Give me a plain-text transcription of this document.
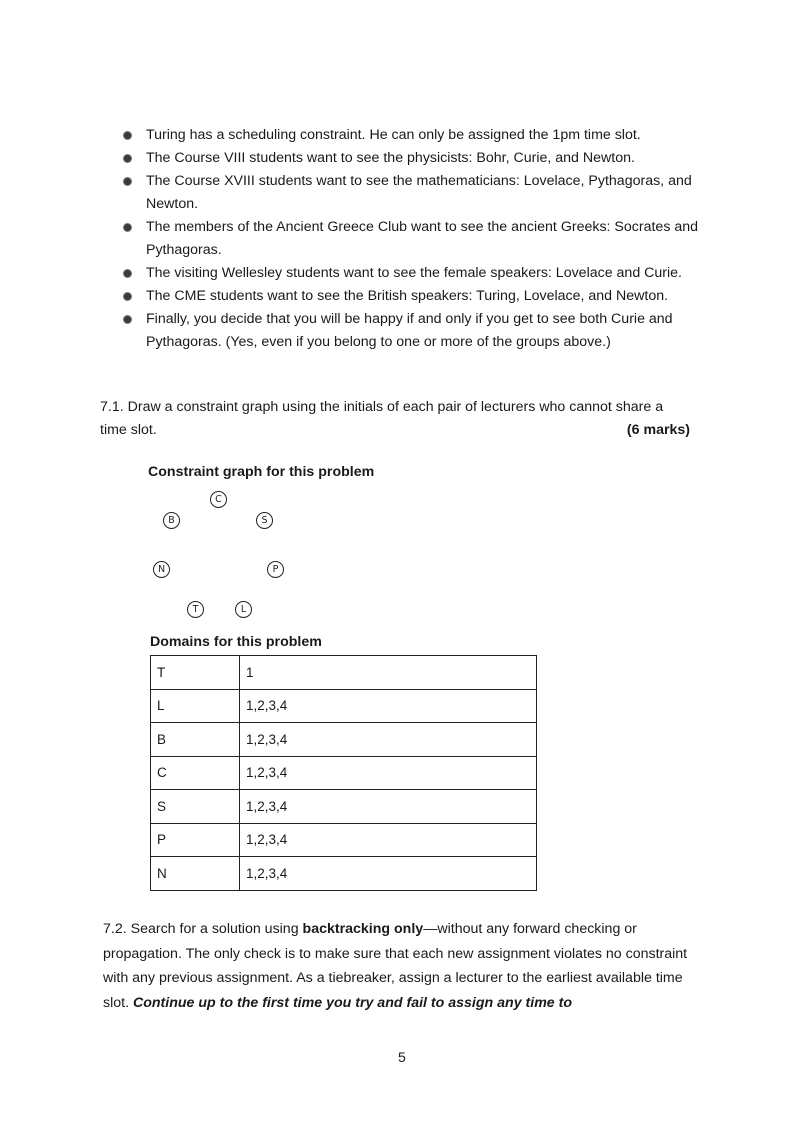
Turing has a scheduling constraint. He can only be assigned the 1pm time slot.
The Course VIII students want to see the physicists: Bohr, Curie, and Newton.
The Course XVIII students want to see the mathematicians: Lovelace, Pythagoras, and Newton.
The members of the Ancient Greece Club want to see the ancient Greeks: Socrates and Pythagoras.
The visiting Wellesley students want to see the female speakers: Lovelace and Curie.
The CME students want to see the British speakers: Turing, Lovelace, and Newton.
Finally, you decide that you will be happy if and only if you get to see both Curie and Pythagoras. (Yes, even if you belong to one or more of the groups above.)
7.1. Draw a constraint graph using the initials of each pair of lecturers who cannot share a time slot.	(6 marks)
Constraint graph for this problem
C
B	S
N	P
T	L
Domains for this problem
T	1
L	1,2,3,4
B	1,2,3,4
C	1,2,3,4
S	1,2,3,4
P	1,2,3,4
N	1,2,3,4
7.2. Search for a solution using backtracking only—without any forward checking or propagation. The only check is to make sure that each new assignment violates no constraint with any previous assignment. As a tiebreaker, assign a lecturer to the earliest available time slot. Continue up to the first time you try and fail to assign any time to
5
